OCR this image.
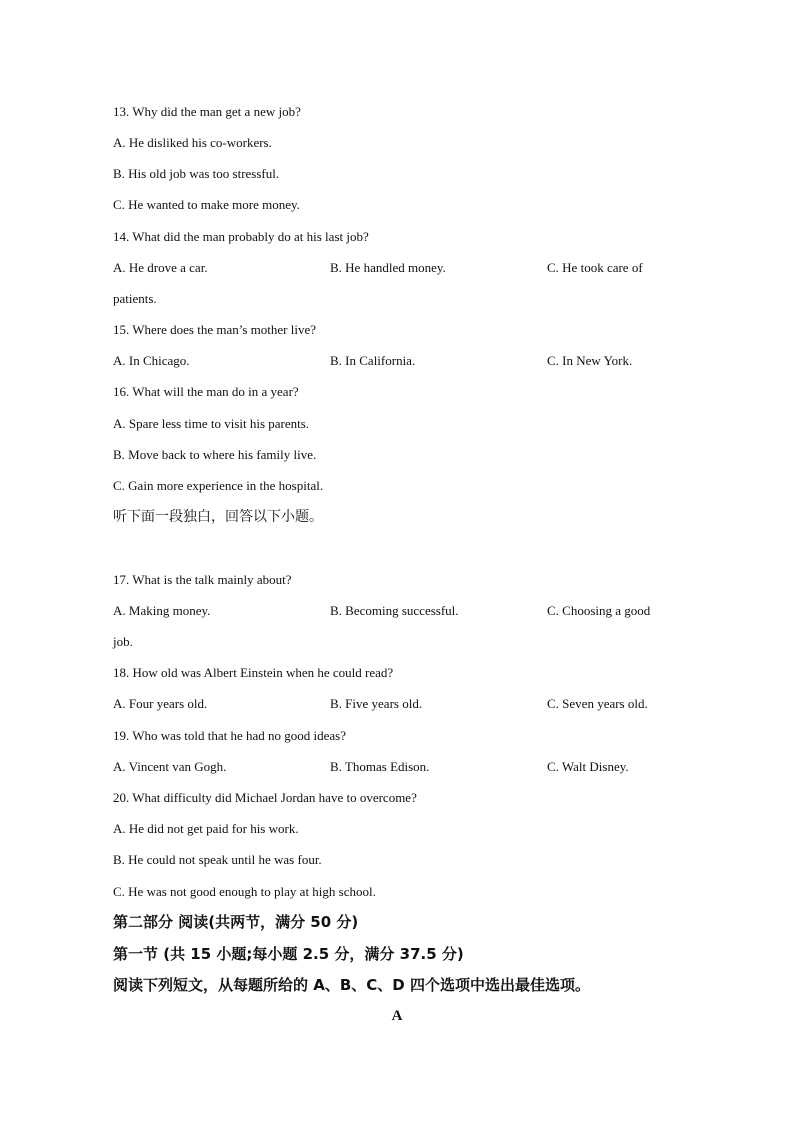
13. Why did the man get a new job?
A. He disliked his co-workers.
B. His old job was too stressful.
C. He wanted to make more money.
14. What did the man probably do at his last job?
A. He drove a car.	B. He handled money.	C. He took care of
patients.
15. Where does the man’s mother live?
A. In Chicago.	B. In California.	C. In New York.
16. What will the man do in a year?
A. Spare less time to visit his parents.
B. Move back to where his family live.
C. Gain more experience in the hospital.
听下面一段独白，回答以下小题。
17. What is the talk mainly about?
A. Making money.	B. Becoming successful.	C. Choosing a good
job.
18. How old was Albert Einstein when he could read?
A. Four years old.	B. Five years old.	C. Seven years old.
19. Who was told that he had no good ideas?
A. Vincent van Gogh.	B. Thomas Edison.	C. Walt Disney.
20. What difficulty did Michael Jordan have to overcome?
A. He did not get paid for his work.
B. He could not speak until he was four.
C. He was not good enough to play at high school.
第二部分 阅读(共两节，满分 50 分)
第一节 (共 15 小题;每小题 2.5 分，满分 37.5 分)
阅读下列短文，从每题所给的 A、B、C、D 四个选项中选出最佳选项。
A
